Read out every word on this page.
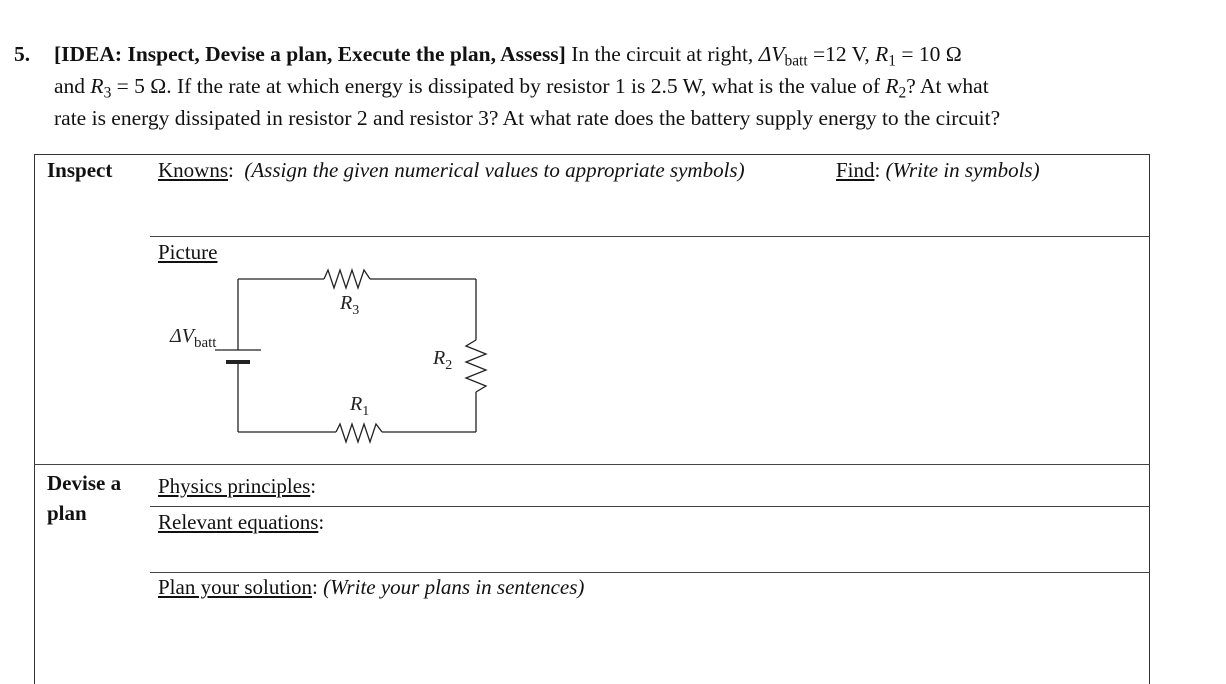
5. [IDEA: Inspect, Devise a plan, Execute the plan, Assess] In the circuit at right, $\Delta V_{batt} =12$ V, $R_1 = 10$ Ω
and $R_3 = 5$ Ω. If the rate at which energy is dissipated by resistor 1 is 2.5 W, what is the value of $R_2$? At what
rate is energy dissipated in resistor 2 and resistor 3? At what rate does the battery supply energy to the circuit?
Inspect Knowns: (Assign the given numerical values to appropriate symbols)	Find: (Write in symbols)
Picture
$\Delta V_{batt}$
$R_3$
$R_2$
$R_1$
Devise a
plan
Physics principles:
Relevant equations:
Plan your solution: (Write your plans in sentences)
